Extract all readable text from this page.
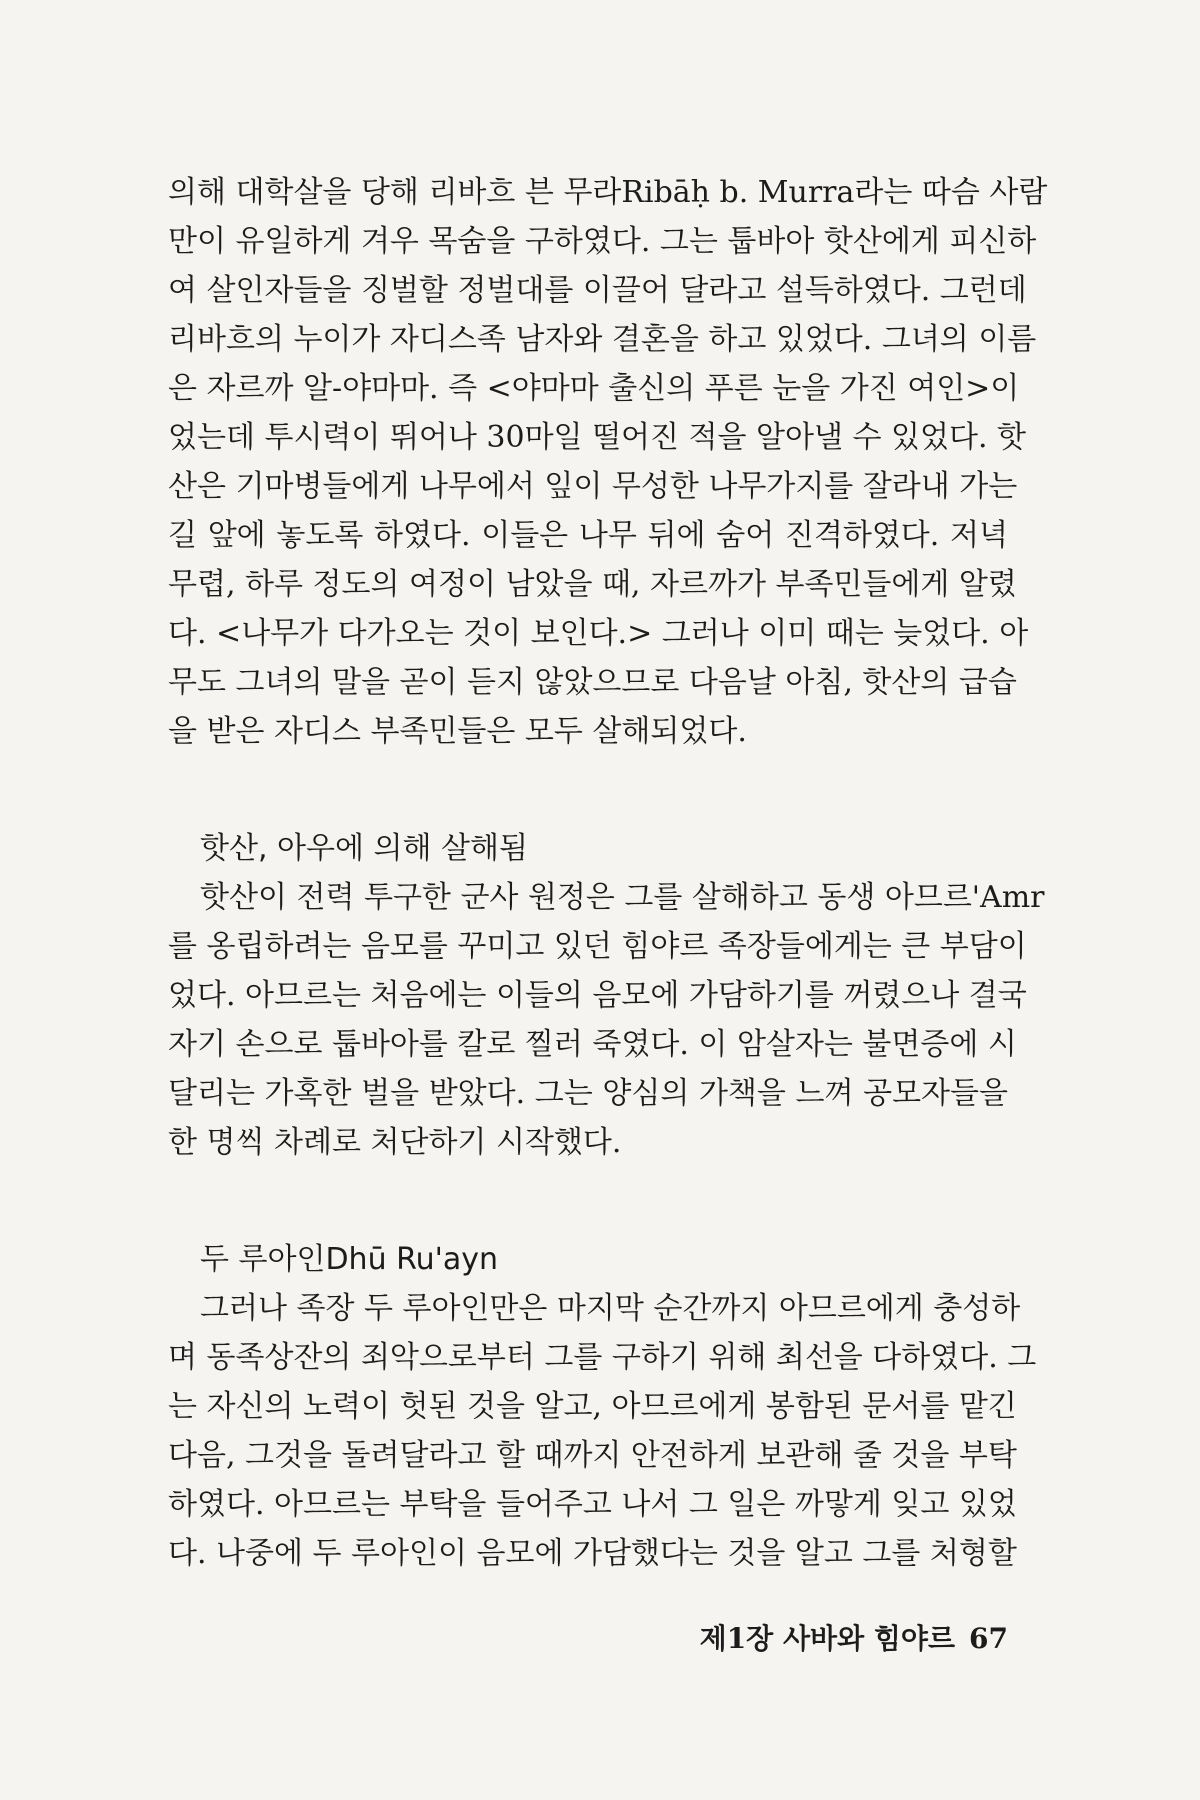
의해 대학살을 당해 리바흐 븐 무라Ribāḥ b. Murra라는 따슴 사람
만이 유일하게 겨우 목숨을 구하였다. 그는 툽바아 핫산에게 피신하
여 살인자들을 징벌할 정벌대를 이끌어 달라고 설득하였다. 그런데
리바흐의 누이가 자디스족 남자와 결혼을 하고 있었다. 그녀의 이름
은 자르까 알-야마마. 즉 <야마마 출신의 푸른 눈을 가진 여인>이
었는데 투시력이 뛰어나 30마일 떨어진 적을 알아낼 수 있었다. 핫
산은 기마병들에게 나무에서 잎이 무성한 나무가지를 잘라내 가는
길 앞에 놓도록 하였다. 이들은 나무 뒤에 숨어 진격하였다. 저녁
무렵, 하루 정도의 여정이 남았을 때, 자르까가 부족민들에게 알렸
다. <나무가 다가오는 것이 보인다.> 그러나 이미 때는 늦었다. 아
무도 그녀의 말을 곧이 듣지 않았으므로 다음날 아침, 핫산의 급습
을 받은 자디스 부족민들은 모두 살해되었다.
핫산, 아우에 의해 살해됨
핫산이 전력 투구한 군사 원정은 그를 살해하고 동생 아므르'Amr
를 옹립하려는 음모를 꾸미고 있던 힘야르 족장들에게는 큰 부담이
었다. 아므르는 처음에는 이들의 음모에 가담하기를 꺼렸으나 결국
자기 손으로 툽바아를 칼로 찔러 죽였다. 이 암살자는 불면증에 시
달리는 가혹한 벌을 받았다. 그는 양심의 가책을 느껴 공모자들을
한 명씩 차례로 처단하기 시작했다.
두 루아인Dhū Ru'ayn
그러나 족장 두 루아인만은 마지막 순간까지 아므르에게 충성하
며 동족상잔의 죄악으로부터 그를 구하기 위해 최선을 다하였다. 그
는 자신의 노력이 헛된 것을 알고, 아므르에게 봉함된 문서를 맡긴
다음, 그것을 돌려달라고 할 때까지 안전하게 보관해 줄 것을 부탁
하였다. 아므르는 부탁을 들어주고 나서 그 일은 까맣게 잊고 있었
다. 나중에 두 루아인이 음모에 가담했다는 것을 알고 그를 처형할
제1장 사바와 힘야르 67
